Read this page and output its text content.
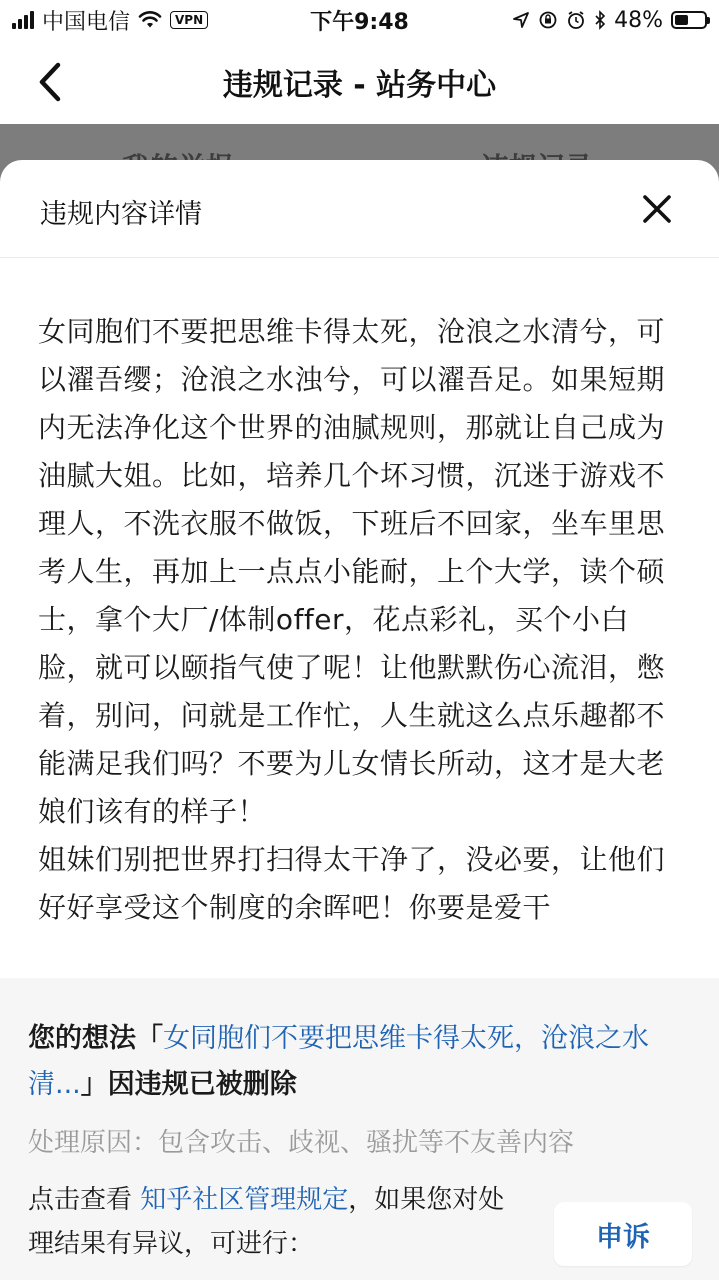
中国电信	VPN	下午9:48	48%
违规记录 - 站务中心
违规内容详情

女同胞们不要把思维卡得太死，沧浪之水清兮，可以濯吾缨；沧浪之水浊兮，可以濯吾足。如果短期内无法净化这个世界的油腻规则，那就让自己成为油腻大姐。比如，培养几个坏习惯，沉迷于游戏不理人，不洗衣服不做饭，下班后不回家，坐车里思考人生，再加上一点点小能耐，上个大学，读个硕士，拿个大厂/体制offer，花点彩礼，买个小白脸，就可以颐指气使了呢！让他默默伤心流泪，憋着，别问，问就是工作忙，人生就这么点乐趣都不能满足我们吗？不要为儿女情长所动，这才是大老娘们该有的样子！

姐妹们别把世界打扫得太干净了，没必要，让他们好好享受这个制度的余晖吧！你要是爱干

您的想法「女同胞们不要把思维卡得太死，沧浪之水清...」因违规已被删除
处理原因：包含攻击、歧视、骚扰等不友善内容
点击查看 知乎社区管理规定，如果您对处理结果有异议，可进行：	申诉
